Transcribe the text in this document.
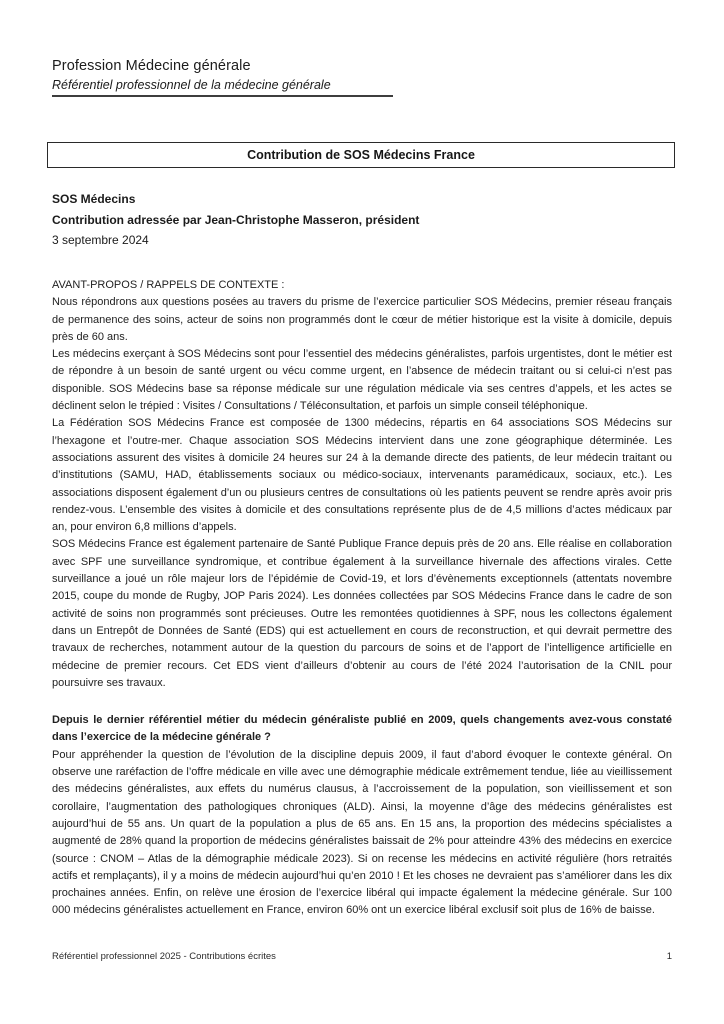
Profession Médecine générale
Référentiel professionnel de la médecine générale
Contribution de SOS Médecins France
SOS Médecins
Contribution adressée par Jean-Christophe Masseron, président
3 septembre 2024

AVANT-PROPOS / RAPPELS DE CONTEXTE :

Nous répondrons aux questions posées au travers du prisme de l’exercice particulier SOS Médecins, premier réseau français de permanence des soins, acteur de soins non programmés dont le cœur de métier historique est la visite à domicile, depuis près de 60 ans.

Les médecins exerçant à SOS Médecins sont pour l’essentiel des médecins généralistes, parfois urgentistes, dont le métier est de répondre à un besoin de santé urgent ou vécu comme urgent, en l’absence de médecin traitant ou si celui-ci n’est pas disponible. SOS Médecins base sa réponse médicale sur une régulation médicale via ses centres d’appels, et les actes se déclinent selon le trépied : Visites / Consultations / Téléconsultation, et parfois un simple conseil téléphonique.

La Fédération SOS Médecins France est composée de 1300 médecins, répartis en 64 associations SOS Médecins sur l’hexagone et l’outre-mer. Chaque association SOS Médecins intervient dans une zone géographique déterminée. Les associations assurent des visites à domicile 24 heures sur 24 à la demande directe des patients, de leur médecin traitant ou d’institutions (SAMU, HAD, établissements sociaux ou médico-sociaux, intervenants paramédicaux, sociaux, etc.). Les associations disposent également d’un ou plusieurs centres de consultations où les patients peuvent se rendre après avoir pris rendez-vous. L’ensemble des visites à domicile et des consultations représente plus de de 4,5 millions d’actes médicaux par an, pour environ 6,8 millions d’appels.

SOS Médecins France est également partenaire de Santé Publique France depuis près de 20 ans. Elle réalise en collaboration avec SPF une surveillance syndromique, et contribue également à la surveillance hivernale des affections virales. Cette surveillance a joué un rôle majeur lors de l’épidémie de Covid-19, et lors d’évènements exceptionnels (attentats novembre 2015, coupe du monde de Rugby, JOP Paris 2024). Les données collectées par SOS Médecins France dans le cadre de son activité de soins non programmés sont précieuses. Outre les remontées quotidiennes à SPF, nous les collectons également dans un Entrepôt de Données de Santé (EDS) qui est actuellement en cours de reconstruction, et qui devrait permettre des travaux de recherches, notamment autour de la question du parcours de soins et de l’apport de l’intelligence artificielle en médecine de premier recours. Cet EDS vient d’ailleurs d’obtenir au cours de l’été 2024 l’autorisation de la CNIL pour poursuivre ses travaux.

Depuis le dernier référentiel métier du médecin généraliste publié en 2009, quels changements avez-vous constaté dans l’exercice de la médecine générale ?

Pour appréhender la question de l’évolution de la discipline depuis 2009, il faut d’abord évoquer le contexte général. On observe une raréfaction de l’offre médicale en ville avec une démographie médicale extrêmement tendue, liée au vieillissement des médecins généralistes, aux effets du numérus clausus, à l’accroissement de la population, son vieillissement et son corollaire, l’augmentation des pathologiques chroniques (ALD). Ainsi, la moyenne d’âge des médecins généralistes est aujourd’hui de 55 ans. Un quart de la population a plus de 65 ans. En 15 ans, la proportion des médecins spécialistes a augmenté de 28% quand la proportion de médecins généralistes baissait de 2% pour atteindre 43% des médecins en exercice (source : CNOM – Atlas de la démographie médicale 2023). Si on recense les médecins en activité régulière (hors retraités actifs et remplaçants), il y a moins de médecin aujourd’hui qu’en 2010 ! Et les choses ne devraient pas s’améliorer dans les dix prochaines années. Enfin, on relève une érosion de l’exercice libéral qui impacte également la médecine générale. Sur 100 000 médecins généralistes actuellement en France, environ 60% ont un exercice libéral exclusif soit plus de 16% de baisse.

Référentiel professionnel 2025 - Contributions écrites	1
